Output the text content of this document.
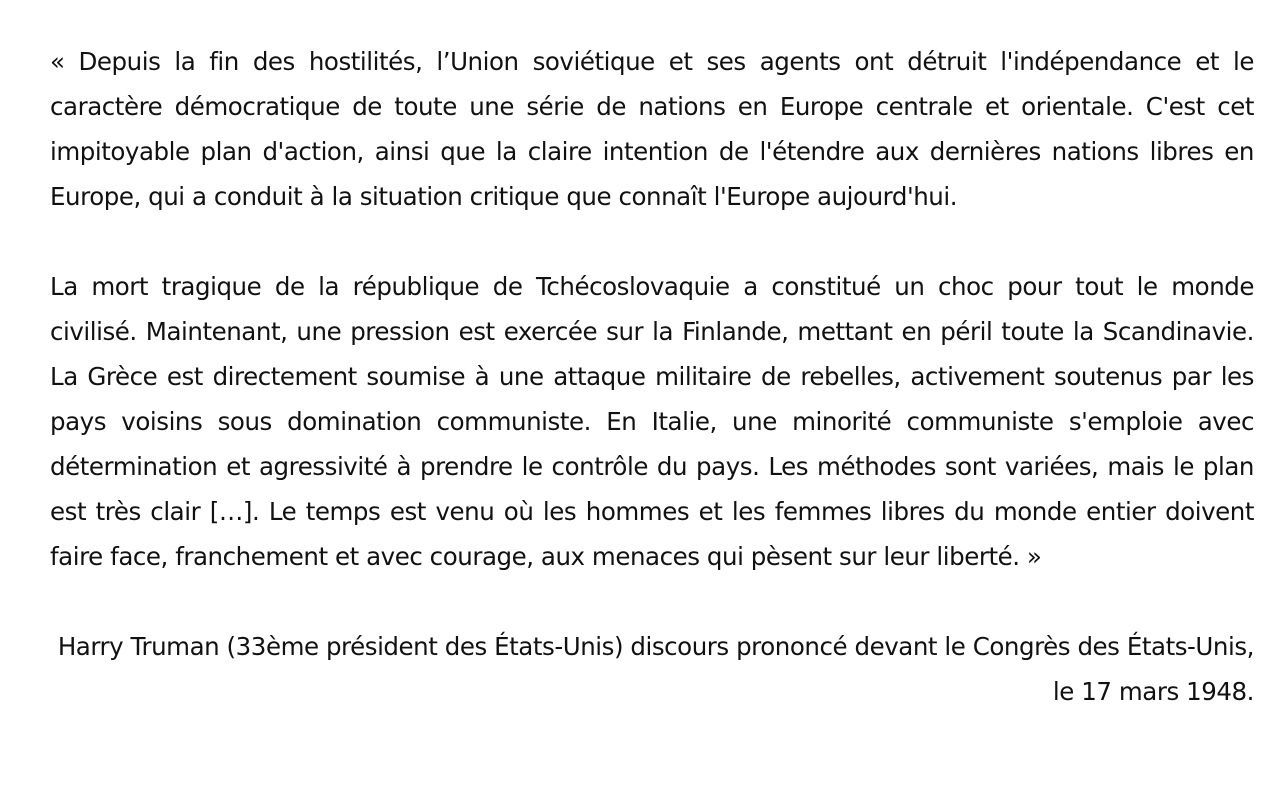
« Depuis la fin des hostilités, l’Union soviétique et ses agents ont détruit l'indépendance et le caractère démocratique de toute une série de nations en Europe centrale et orientale. C'est cet impitoyable plan d'action, ainsi que la claire intention de l'étendre aux dernières nations libres en Europe, qui a conduit à la situation critique que connaît l'Europe aujourd'hui.

La mort tragique de la république de Tchécoslovaquie a constitué un choc pour tout le monde civilisé. Maintenant, une pression est exercée sur la Finlande, mettant en péril toute la Scandinavie. La Grèce est directement soumise à une attaque militaire de rebelles, activement soutenus par les pays voisins sous domination communiste. En Italie, une minorité communiste s'emploie avec détermination et agressivité à prendre le contrôle du pays. Les méthodes sont variées, mais le plan est très clair […]. Le temps est venu où les hommes et les femmes libres du monde entier doivent faire face, franchement et avec courage, aux menaces qui pèsent sur leur liberté. »

Harry Truman (33ème président des États-Unis) discours prononcé devant le Congrès des États-Unis, le 17 mars 1948.
